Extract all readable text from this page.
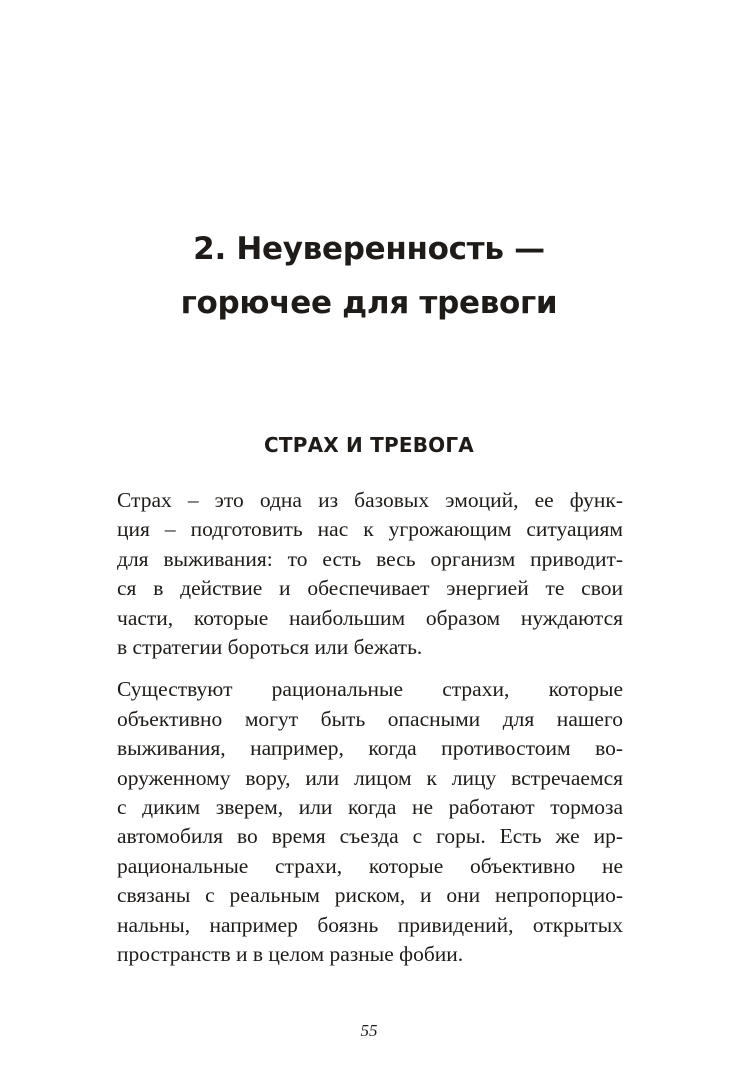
2. Неуверенность —
горючее для тревоги
СТРАХ И ТРЕВОГА

Страх – это одна из базовых эмоций, ее функ-
ция – подготовить нас к угрожающим ситуациям
для выживания: то есть весь организм приводит-
ся в действие и обеспечивает энергией те свои
части, которые наибольшим образом нуждаются
в стратегии бороться или бежать.

Существуют рациональные страхи, которые
объективно могут быть опасными для нашего
выживания, например, когда противостоим во-
оруженному вору, или лицом к лицу встречаемся
с диким зверем, или когда не работают тормоза
автомобиля во время съезда с горы. Есть же ир-
рациональные страхи, которые объективно не
связаны с реальным риском, и они непропорцио-
нальны, например боязнь привидений, открытых
пространств и в целом разные фобии.

55
